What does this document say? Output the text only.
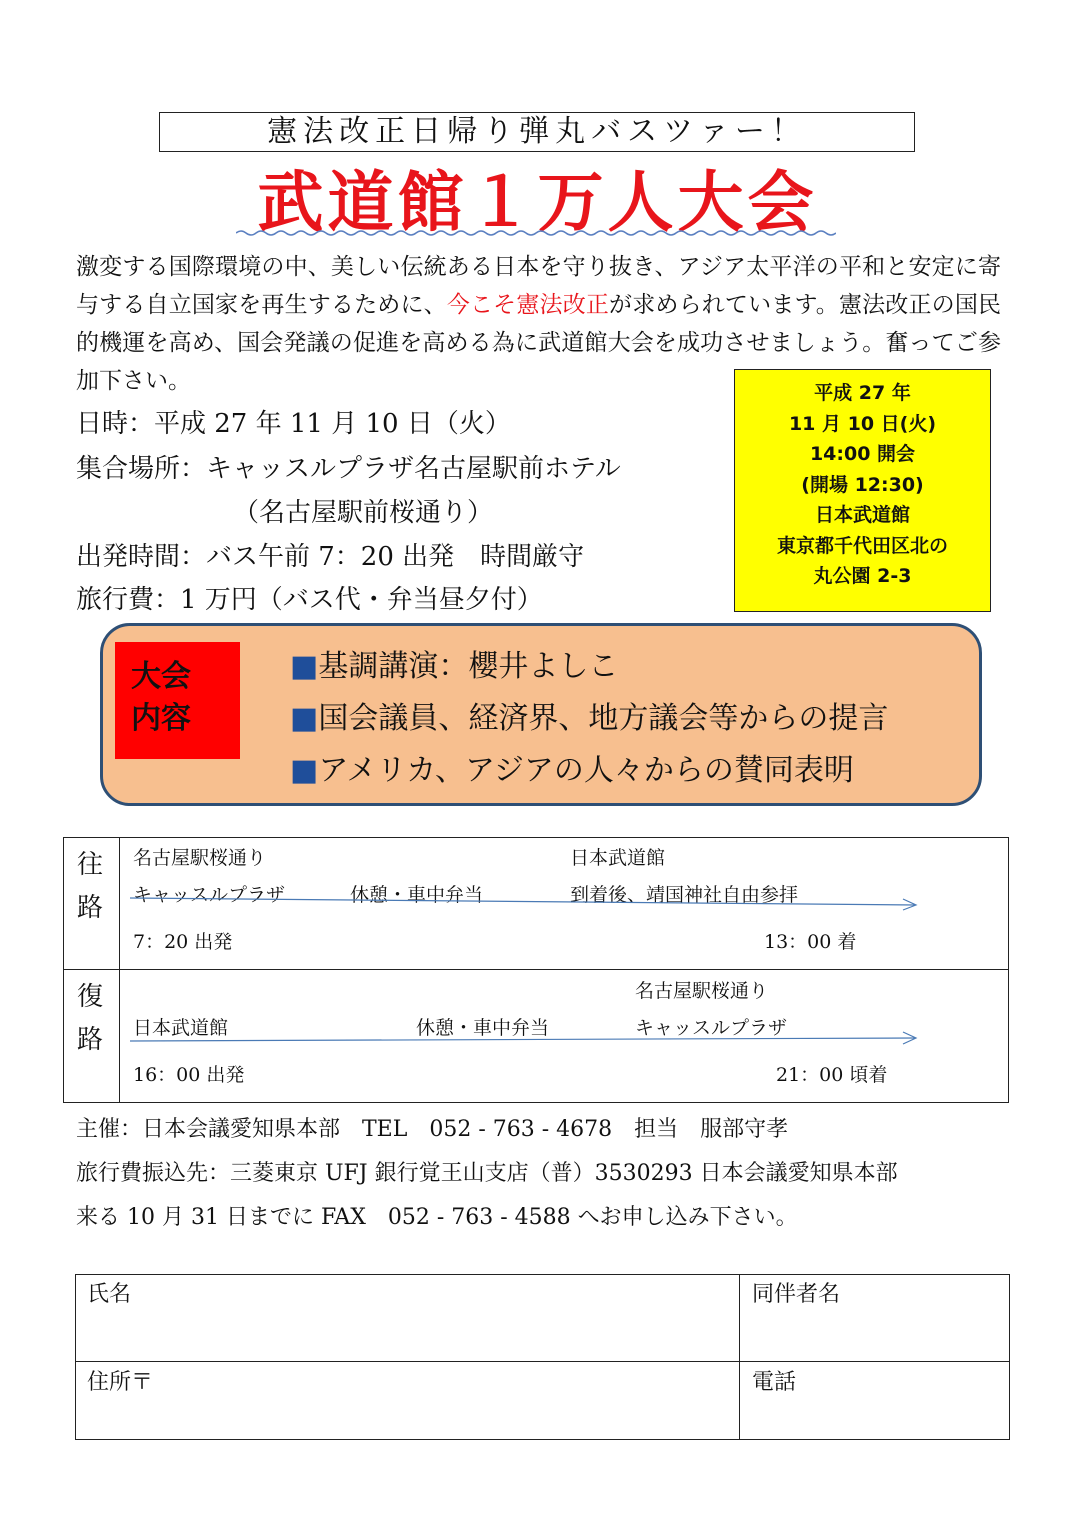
憲法改正日帰り弾丸バスツァー！
武道館１万人大会
激変する国際環境の中、美しい伝統ある日本を守り抜き、アジア太平洋の平和と安定に寄与する自立国家を再生するために、今こそ憲法改正が求められています。憲法改正の国民的機運を高め、国会発議の促進を高める為に武道館大会を成功させましょう。奮ってご参加下さい。
日時：平成 27 年 11 月 10 日（火）
集合場所：キャッスルプラザ名古屋駅前ホテル
（名古屋駅前桜通り）
出発時間：バス午前 7：20 出発　時間厳守
旅行費：1 万円（バス代・弁当昼夕付）
平成 27 年
11 月 10 日(火)
14:00 開会
(開場 12:30)
日本武道館
東京都千代田区北の
丸公園 2-3
大会
内容
■基調講演：櫻井よしこ
■国会議員、経済界、地方議会等からの提言
■アメリカ、アジアの人々からの賛同表明
往
路
名古屋駅桜通り	日本武道館
キャッスルプラザ	休憩・車中弁当	到着後、靖国神社自由参拝
7：20 出発	13：00 着
復
路
名古屋駅桜通り
日本武道館	休憩・車中弁当	キャッスルプラザ
16：00 出発	21：00 頃着
主催：日本会議愛知県本部　TEL　052 - 763 - 4678　担当　服部守孝
旅行費振込先：三菱東京 UFJ 銀行覚王山支店（普）3530293 日本会議愛知県本部
来る 10 月 31 日までに FAX　052 - 763 - 4588 へお申し込み下さい。
氏名	同伴者名
住所〒	電話
